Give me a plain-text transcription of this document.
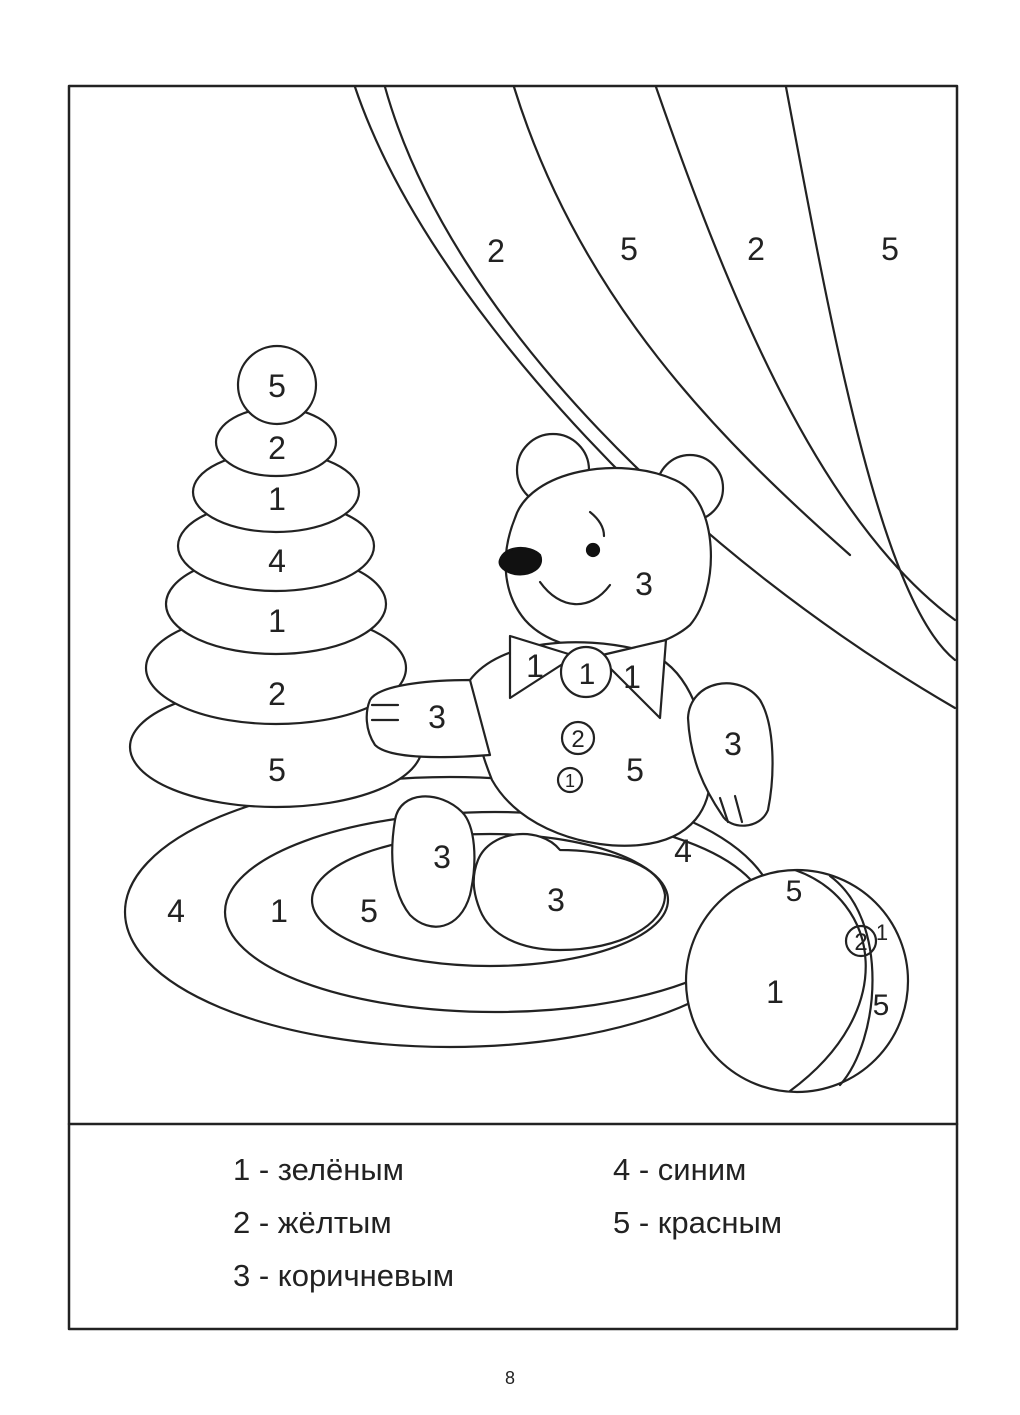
2	5	2	5
5
2
1
4
1
2
5
3
1 1 1
3
3
2
1 5
3
3
4
4	1 5
5
2 1
1	5
1 - зелёным
2 - жёлтым
3 - коричневым
4 - синим
5 - красным
8
